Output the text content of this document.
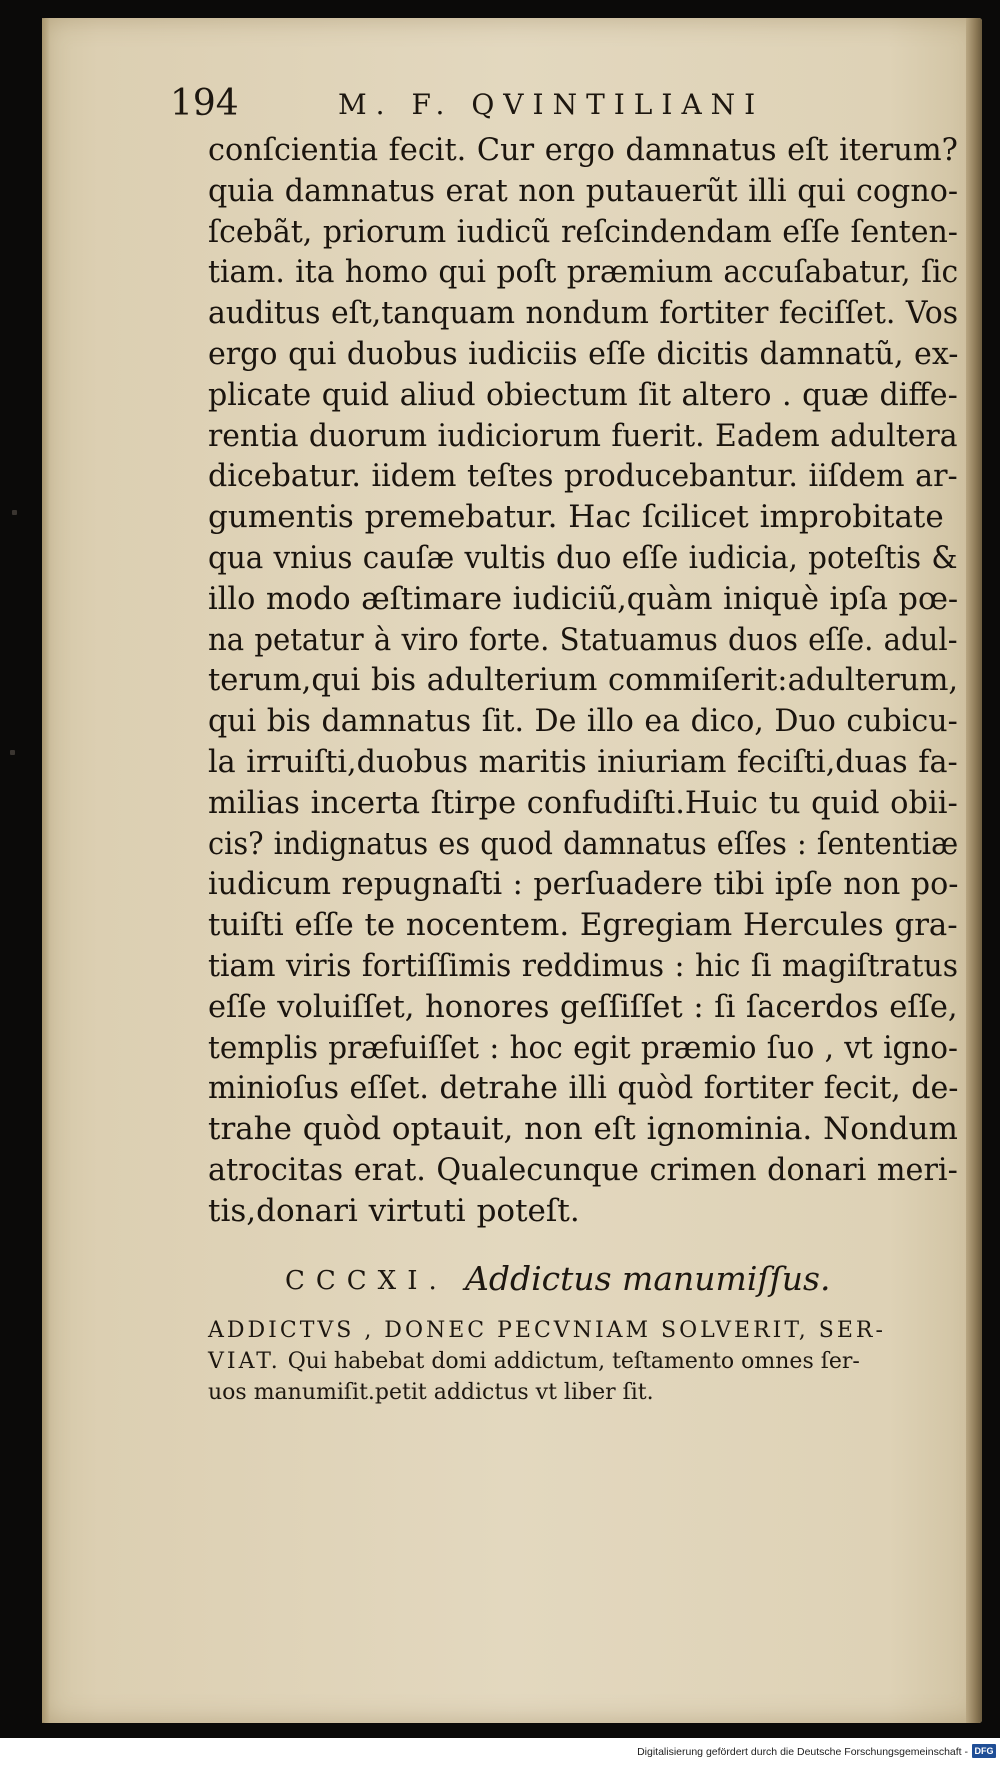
194	M. F. QVINTILIANI
conſcientia fecit. Cur ergo damnatus eſt iterum?
quia damnatus erat non putauerũt illi qui cogno-
ſcebãt, priorum iudicũ reſcindendam eſſe ſenten-
tiam. ita homo qui poſt præmium accuſabatur, ſic
auditus eſt,tanquam nondum fortiter feciſſet. Vos
ergo qui duobus iudiciis eſſe dicitis damnatũ, ex-
plicate quid aliud obiectum ſit altero . quæ diffe-
rentia duorum iudiciorum fuerit. Eadem adultera
dicebatur. iidem teſtes producebantur. iiſdem ar-
gumentis premebatur. Hac ſcilicet improbitate
qua vnius cauſæ vultis duo eſſe iudicia, poteſtis &
illo modo æſtimare iudiciũ,quàm iniquè ipſa pœ-
na petatur à viro forte. Statuamus duos eſſe. adul-
terum,qui bis adulterium commiſerit:adulterum,
qui bis damnatus ſit. De illo ea dico, Duo cubicu-
la irruiſti,duobus maritis iniuriam feciſti,duas fa-
milias incerta ſtirpe confudiſti.Huic tu quid obii-
cis? indignatus es quod damnatus eſſes : ſententiæ
iudicum repugnaſti : perſuadere tibi ipſe non po-
tuiſti eſſe te nocentem. Egregiam Hercules gra-
tiam viris fortiſſimis reddimus : hic ſi magiſtratus
eſſe voluiſſet, honores geſſiſſet : ſi ſacerdos eſſe,
templis præfuiſſet : hoc egit præmio ſuo , vt igno-
minioſus eſſet. detrahe illi quòd fortiter fecit, de-
trahe quòd optauit, non eſt ignominia. Nondum
atrocitas erat. Qualecunque crimen donari meri-
tis,donari virtuti poteſt.
CCCXI. Addictus manumiſſus.
ADDICTVS , DONEC PECVNIAM SOLVERIT, SER-
VIAT. Qui habebat domi addictum, teſtamento omnes ſer-
uos manumiſit.petit addictus vt liber ſit.
Digitalisierung gefördert durch die Deutsche Forschungsgemeinschaft - DFG
